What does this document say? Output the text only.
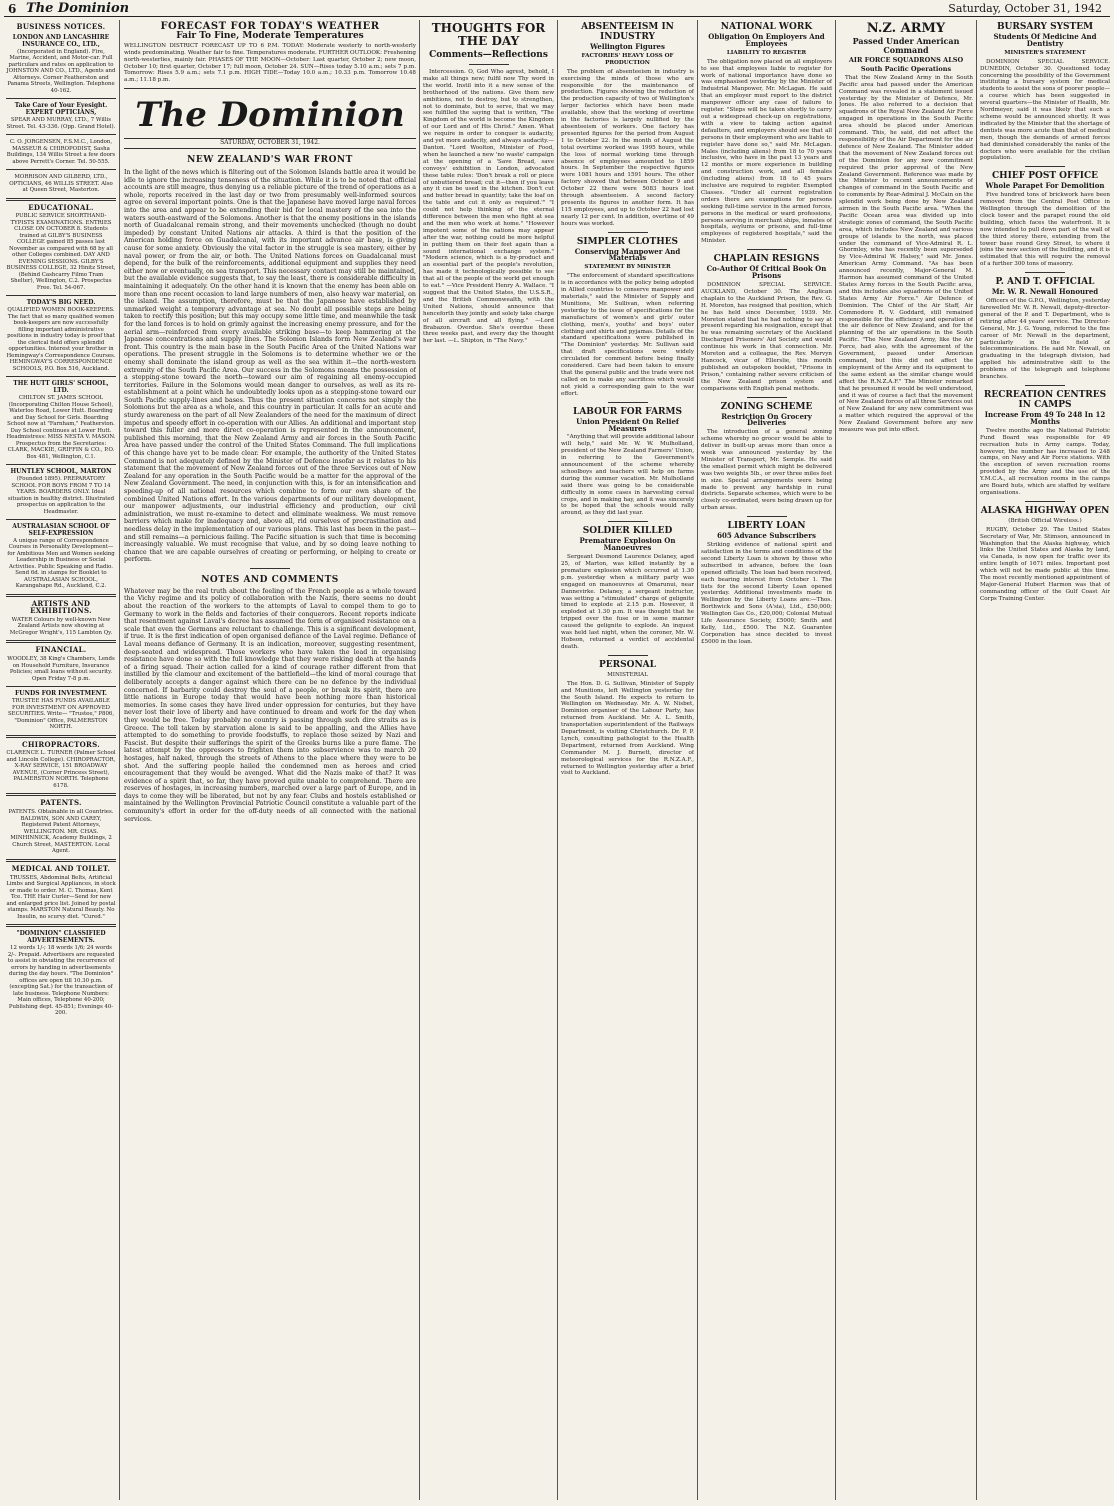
6 The Dominion	Saturday, October 31, 1942
BUSINESS NOTICES.
LONDON AND LANCASHIRE INSURANCE CO., LTD.,
(Incorporated in England). Fire, Marine, Accident, and Motor-car. Full particulars and rates on application to JOHNSTON AND CO., LTD., Agents and Attorneys. Corner Featherston and Panama Streets, Wellington. Telephone 40-162.
Take Care of Your Eyesight. EXPERT OPTICIANS,
SPEAR AND MURRAY, LTD., 7 Willis Street. Tel. 43-336. (Opp. Grand Hotel).
C. O. JORGENSEN, F.S.M.C., London, MASSEUR & CHIROPODIST, Sasha Buildings, 134 Willis Street a few doors above Perrett's Corner. Tel. 50-555.
MORRISON AND GILBERD, LTD., OPTICIANS, 46 WILLIS STREET. Also at Queen Street, Masterton.
EDUCATIONAL.
PUBLIC SERVICE SHORTHAND-TYPISTS EXAMINATIONS. ENTRIES CLOSE ON OCTOBER 8. Students trained at GILBY'S BUSINESS COLLEGE gained 85 passes last November as compared with 68 by all other Colleges combined. DAY AND EVENING SESSIONS. GILBY'S BUSINESS COLLEGE, 32 Hinitz Street, (Behind Cashcarry Filmo Tram Shelter), Wellington, C.2. Prospectus Free. Tel. 54-067.
TODAY'S BIG NEED.
QUALIFIED WOMEN BOOK-KEEPERS. The fact that so many qualified women book-keepers are now successfully filling important administrative positions in industry today is proof that the clerical field offers splendid opportunities. Interest your brother in Hemingway's Correspondence Courses. HEMINGWAY'S CORRESPONDENCE SCHOOLS, P.O. Box 516, Auckland.
THE HUTT GIRLS' SCHOOL, LTD.
CHILTON ST. JAMES SCHOOL (Incorporating Chilton House School), Waterloo Road, Lower Hutt. Boarding and Day School for Girls. Boarding School now at "Farnham," Featherston. Day School continues at Lower Hutt. Headmistress: MISS NESTA V. MASON. Prospectus from the Secretaries: CLARK, MACKIE, GRIFFIN & CO., P.O. Box 481, Wellington, C.1.
HUNTLEY SCHOOL, MARTON
(Founded 1895). PREPARATORY SCHOOL FOR BOYS FROM 7 TO 14 YEARS. BOARDERS ONLY. Ideal situation in healthy district. Illustrated prospectus on application to the Headmaster.
AUSTRALASIAN SCHOOL OF SELF-EXPRESSION
A unique range of Correspondence Courses in Personality Development—for Ambitious Men and Women seeking Leadership in Business or Social Activities. Public Speaking and Radio. Send 6d. in stamps for Booklet to AUSTRALASIAN SCHOOL, Karangahape Rd., Auckland, C.2.
ARTISTS AND EXHIBITIONS.
WATER Colours by well-known New Zealand Artists now showing at McGregor Wright's, 115 Lambton Qy.
FINANCIAL.
WOODLEY, 38 King's Chambers, Lends on Household Furniture, Insurance Policies; small loans without security. Open Friday 7-8 p.m.
FUNDS FOR INVESTMENT.
TRUSTEE HAS FUNDS AVAILABLE FOR INVESTMENT ON APPROVED SECURITIES. Write— "Trustee," P806, "Dominion" Office, PALMERSTON NORTH.
CHIROPRACTORS.
CLARENCE L. TURNER (Palmer School and Lincoln College). CHIROPRACTOR, X-RAY SERVICE, 151 BROADWAY AVENUE, (Corner Princess Street), PALMERSTON NORTH. Telephone 6178.
PATENTS.
PATENTS. Obtainable in all Countries. BALDWIN, SON AND CAREY, Registered Patent Attorneys, WELLINGTON. MR. CHAS. MINHINNICK, Academy Buildings, 2 Church Street, MASTERTON. Local Agent.
MEDICAL AND TOILET.
TRUSSES, Abdominal Belts, Artificial Limbs and Surgical Appliances, in stock or made to order. M. C. Thomas, Kent Tce. THE Hair Curler—Send for new and enlarged price list. Joined by postal stamps. MARSTON Natural Beauty. No Insulin, no scurvy diet. "Cured."
"DOMINION" CLASSIFIED ADVERTISEMENTS.
12 words 1/-; 18 words 1/6; 24 words 2/-. Prepaid. Advertisers are requested to assist in obviating the recurrence of errors by handing in advertisements during the day hours. "The Dominion" offices are open till 10.30 p.m. (excepting Sat.) for the transaction of late business. Telephone Numbers: Main offices, Telephone 40-200; Publishing dept. 45-851; Evenings 40-200.
FORECAST FOR TODAY'S WEATHER
Fair To Fine, Moderate Temperatures
WELLINGTON DISTRICT FORECAST UP TO 6 P.M. TODAY: Moderate westerly to north-westerly winds predominating. Weather fair to fine. Temperatures moderate. FURTHER OUTLOOK: Freshening north-westerlies, mainly fair. PHASES OF THE MOON—October: Last quarter, October 2; new moon, October 10; first quarter, October 17; full moon, October 24. SUN—Rises today 5.10 a.m.; sets 7 p.m. Tomorrow: Rises 5.9 a.m.; sets 7.1 p.m. HIGH TIDE—Today 10.0 a.m.; 10.33 p.m. Tomorrow 10.48 a.m.; 11.18 p.m.
The Dominion
SATURDAY, OCTOBER 31, 1942.
NEW ZEALAND'S WAR FRONT
In the light of the news which is filtering out of the Solomon Islands battle area it would be idle to ignore the increasing tenseness of the situation. While it is to be noted that official accounts are still meagre, thus denying us a reliable picture of the trend of operations as a whole, reports received in the last day or two from presumably well-informed sources agree on several important points. One is that the Japanese have moved large naval forces into the area and appear to be extending their bid for local mastery of the sea into the waters south-eastward of the Solomons. Another is that the enemy positions in the islands north of Guadalcanal remain strong, and their movements unchecked (though no doubt impeded) by constant United Nations air attacks. A third is that the position of the American holding force on Guadalcanal, with its important advance air base, is giving cause for some anxiety. Obviously the vital factor in the struggle is sea mastery, either by naval power, or from the air, or both. The United Nations forces on Guadalcanal must depend, for the bulk of the reinforcements, additional equipment and supplies they need either now or eventually, on sea transport. This necessary contact may still be maintained, but the available evidence suggests that, to say the least, there is considerable difficulty in maintaining it adequately. On the other hand it is known that the enemy has been able on more than one recent occasion to land large numbers of men, also heavy war material, on the island. The assumption, therefore, must be that the Japanese have established by unmarked weight a temporary advantage at sea. No doubt all possible steps are being taken to rectify this position; but this may occupy some little time, and meanwhile the task for the land forces is to hold on grimly against the increasing enemy pressure, and for the aerial arm—reinforced from every available striking base—to keep hammering at the Japanese concentrations and supply lines. The Solomon Islands form New Zealand's war front. This country is the main base in the South Pacific Area of the United Nations war operations. The present struggle in the Solomons is to determine whether we or the enemy shall dominate the island group as well as the sea within it—the north-western extremity of the South Pacific Area. Our success in the Solomons means the possession of a stepping-stone toward the north—toward our aim of regaining all enemy-occupied territories. Failure in the Solomons would mean danger to ourselves, as well as its re-establishment at a point which he undoubtedly looks upon as a stepping-stone toward our South Pacific supply-lines and bases. Thus the present situation concerns not simply the Solomons but the area as a whole, and this country in particular. It calls for an acute and sturdy awareness on the part of all New Zealanders of the need for the maximum of direct impetus and speedy effort in co-operation with our Allies. An additional and important step toward this fuller and more direct co-operation is represented in the announcement, published this morning, that the New Zealand Army and air forces in the South Pacific Area have passed under the control of the United States Command. The full implications of this change have yet to be made clear. For example, the authority of the United States Command is not adequately defined by the Minister of Defence insofar as it relates to his statement that the movement of New Zealand forces out of the three Services out of New Zealand for any operation in the South Pacific would be a matter for the approval of the New Zealand Government. The need, in conjunction with this, is for an intensification and speeding-up of all national resources which combine to form our own share of the combined United Nations effort. In the various departments of our military development, our manpower adjustments, our industrial efficiency and production, our civil administration, we must re-examine to detect and eliminate weakness. We must remove barriers which make for inadequacy and, above all, rid ourselves of procrastination and needless delay in the implementation of our various plans. This last has been in the past—and still remains—a pernicious failing. The Pacific situation is such that time is becoming increasingly valuable. We must recognise that value, and by so doing leave nothing to chance that we are capable ourselves of creating or performing, or helping to create or perform.
NOTES AND COMMENTS
Whatever may be the real truth about the feeling of the French people as a whole toward the Vichy regime and its policy of collaboration with the Nazis, there seems no doubt about the reaction of the workers to the attempts of Laval to compel them to go to Germany to work in the fields and factories of their conquerors. Recent reports indicate that resentment against Laval's decree has assumed the form of organised resistance on a scale that even the Germans are reluctant to challenge. This is a significant development, if true. It is the first indication of open organised defiance of the Laval regime. Defiance of Laval means defiance of Germany. It is an indication, moreover, suggesting resentment, deep-seated and widespread. Those workers who have taken the lead in organising resistance have done so with the full knowledge that they were risking death at the hands of a firing squad. Their action called for a kind of courage rather different from that instilled by the clamour and excitement of the battlefield—the kind of moral courage that deliberately accepts a danger against which there can be no defence by the individual concerned. If barbarity could destroy the soul of a people, or break its spirit, there are little nations in Europe today that would have been nothing more than historical memories. In some cases they have lived under oppression for centuries, but they have never lost their love of liberty and have continued to dream and work for the day when they would be free. Today probably no country is passing through such dire straits as is Greece. The toll taken by starvation alone is said to be appalling, and the Allies have attempted to do something to provide foodstuffs, to replace those seized by Nazi and Fascist. But despite their sufferings the spirit of the Greeks burns like a pure flame. The latest attempt by the oppressors to frighten them into subservience was to march 20 hostages, half naked, through the streets of Athens to the place where they were to be shot. And the suffering people hailed the condemned men as heroes and cried encouragement that they would be avenged. What did the Nazis make of that? It was evidence of a spirit that, so far, they have proved quite unable to comprehend. There are reserves of hostages, in increasing numbers, marched over a large part of Europe, and in days to come they will be liberated, but not by any fear. Clubs and hostels established or maintained by the Wellington Provincial Patriotic Council constitute a valuable part of the community's effort in order for the off-duty needs of all connected with the national services.
THOUGHTS FOR THE DAY
Comments—Reflections

Intercession. O, God Who agrest, behold, I make all things new; fulfil now Thy word in the world. Instil into it a new sense of the brotherhood of the nations. Give them new ambitions, not to destroy, but to strengthen, not to dominate, but to serve, that we may see fulfilled the saying that is written, "The Kingdom of the world is become the Kingdom of our Lord and of His Christ." Amen. What we require in order to conquer is audacity, and yet more audacity, and always audacity.—Danton. "Lord Woolton, Minister of Food, when he launched a new 'no waste' campaign at the opening of a 'Save Bread, save convoys' exhibition in London, advocated these table rules: 'Don't break a roll or piece of unbuttered bread; cut it—then if you leave any it can be used in the kitchen. Don't cut and butter bread in quantity; take the loaf on the table and cut it only as required.'" "I could not help thinking of the eternal difference between the men who fight at sea and the men who work at home." "However impotent some of the nations may appear after the war, nothing could be more helpful in putting them on their feet again than a sound international exchange system." "Modern science, which is a by-product and an essential part of the people's revolution, has made it technologically possible to see that all of the people of the world get enough to eat." —Vice President Henry A. Wallace. "I suggest that the United States, the U.S.S.R., and the British Commonwealth, with the United Nations, should announce that henceforth they jointly and solely take charge of all aircraft and all flying." —Lord Brabazon. Overdue. She's overdue these three weeks past, and every day the thought her last. —L. Shipton, in "The Navy."

ABSENTEEISM IN INDUSTRY
Wellington Figures
FACTORIES' HEAVY LOSS OF PRODUCTION

The problem of absenteeism in industry is exercising the minds of those who are responsible for the maintenance of production. Figures showing the reduction of the production capacity of two of Wellington's larger factories which have been made available, show that the working of overtime in the factories is largely nullified by the absenteeism of workers. One factory has presented figures for the period from August 1 to October 22. In the month of August the total overtime worked was 1995 hours, while the loss of normal working time through absence of employees amounted to 1859 hours. In September the respective figures were 1081 hours and 1591 hours. The other factory showed that between October 9 and October 22 there were 5083 hours lost through absenteeism. A second factory presents its figures in another form. It has 115 employees, and up to October 22 had lost nearly 12 per cent. In addition, overtime of 49 hours was worked.

SIMPLER CLOTHES
Conserving Manpower And Materials
STATEMENT BY MINISTER

"The enforcement of standard specifications is in accordance with the policy being adopted in Allied countries to conserve manpower and materials," said the Minister of Supply and Munitions, Mr. Sullivan, when referring yesterday to the issue of specifications for the manufacture of women's and girls' outer clothing, men's, youths' and boys' outer clothing and shirts and pyjamas. Details of the standard specifications were published in "The Dominion" yesterday. Mr. Sullivan said that draft specifications were widely circulated for comment before being finally considered. Care had been taken to ensure that the general public and the trade were not called on to make any sacrifices which would not yield a corresponding gain to the war effort.

LABOUR FOR FARMS
Union President On Relief Measures

"Anything that will provide additional labour will help," said Mr. W. W. Mulholland, president of the New Zealand Farmers' Union, in referring to the Government's announcement of the scheme whereby schoolboys and teachers will help on farms during the summer vacation. Mr. Mulholland said there was going to be considerable difficulty in some cases in harvesting cereal crops, and in making hay, and it was sincerely to be hoped that the schools would rally around, as they did last year.

SOLDIER KILLED
Premature Explosion On Manoeuvres

Sergeant Desmond Laurence Delaney, aged 25, of Marton, was killed instantly by a premature explosion which occurred at 1.30 p.m. yesterday when a military party was engaged on manoeuvres at Omarunui, near Dannevirke. Delaney, a sergeant instructor, was setting a "stimulated" charge of gelignite timed to explode at 2.15 p.m. However, it exploded at 1.30 p.m. It was thought that he tripped over the fuse or in some manner caused the gelignite to explode. An inquest was held last night, when the coroner, Mr. W. Hobson, returned a verdict of accidental death.

PERSONAL
MINISTERIAL

The Hon. D. G. Sullivan, Minister of Supply and Munitions, left Wellington yesterday for the South Island. He expects to return to Wellington on Wednesday. Mr. A. W. Nisbet, Dominion organiser of the Labour Party, has returned from Auckland. Mr. A. L. Smith, transportation superintendent of the Railways Department, is visiting Christchurch. Dr. P. P. Lynch, consulting pathologist to the Health Department, returned from Auckland. Wing Commander M. J. Burnett, director of meteorological services for the R.N.Z.A.F., returned to Wellington yesterday after a brief visit to Auckland.

NATIONAL WORK
Obligation On Employers And Employees
LIABILITY TO REGISTER

The obligation now placed on all employers to see that employees liable to register for work of national importance have done so was emphasised yesterday by the Minister of Industrial Manpower, Mr. McLagan. He said that an employer must report to the district manpower officer any case of failure to register. "Steps will be taken shortly to carry out a widespread check-up on registrations, with a view to taking action against defaulters, and employers should see that all persons in their employment who are liable to register have done so," said Mr. McLagan. Males (including aliens) from 18 to 70 years inclusive, who have in the past 13 years and 12 months or more experience in building and construction work, and all females (including aliens) from 18 to 45 years inclusive are required to register. Exempted Classes. "Under all current registration orders there are exemptions for persons seeking full-time service in the armed forces, persons in the medical or ward professions, persons serving in merchant ships, inmates of hospitals, asylums or prisons, and full-time employees of registered hospitals," said the Minister.

CHAPLAIN RESIGNS
Co-Author Of Critical Book On Prisons

DOMINION SPECIAL SERVICE. AUCKLAND, October 30. The Anglican chaplain to the Auckland Prison, the Rev. G. H. Moreton, has resigned that position, which he has held since December, 1939. Mr. Moreton stated that he had nothing to say at present regarding his resignation, except that he was remaining secretary of the Auckland Discharged Prisoners' Aid Society and would continue his work in that connection. Mr. Moreton and a colleague, the Rev. Mervyn Hancock, vicar of Ellerslie, this month published an outspoken booklet, "Prisons in Prison," containing rather severe criticism of the New Zealand prison system and comparisons with English penal methods.

ZONING SCHEME
Restriction On Grocery Deliveries

The introduction of a general zoning scheme whereby no grocer would be able to deliver in built-up areas more than once a week was announced yesterday by the Minister of Transport, Mr. Semple. He said the smallest permit which might be delivered was two weights 5lb., or over three miles feet in size. Special arrangements were being made to prevent any hardship in rural districts. Separate schemes, which were to be closely co-ordinated, were being drawn up for urban areas.

LIBERTY LOAN
605 Advance Subscribers

Striking evidence of national spirit and satisfaction in the terms and conditions of the second Liberty Loan is shown by those who subscribed in advance, before the loan opened officially. The loan had been received, each bearing interest from October 1. The lists for the second Liberty Loan opened yesterday. Additional investments made in Wellington by the Liberty Loans are:—Thos. Borthwick and Sons (A'sia), Ltd., £50,000; Wellington Gas Co., £20,000; Colonial Mutual Life Assurance Society, £5000; Smith and Kelly, Ltd., £500. The N.Z. Guarantee Corporation has since decided to invest £5000 in the loan.

N.Z. ARMY
Passed Under American Command
AIR FORCE SQUADRONS ALSO
South Pacific Operations

That the New Zealand Army in the South Pacific area had passed under the American Command was revealed in a statement issued yesterday by the Minister of Defence, Mr. Jones. He also referred to a decision that squadrons of the Royal New Zealand Air Force engaged in operations in the South Pacific area should be placed under American command. This, he said, did not affect the responsibility of the Air Department for the air defence of New Zealand. The Minister added that the movement of New Zealand forces out of the Dominion for any new commitment required the prior approval of the New Zealand Government. Reference was made by the Minister to recent announcements of changes of command in the South Pacific and to comments by Rear-Admiral J. McCain on the splendid work being done by New Zealand airmen in the South Pacific area. "When the Pacific Ocean area was divided up into strategic zones of command, the South Pacific area, which includes New Zealand and various groups of islands to the north, was placed under the command of Vice-Admiral R. L. Ghormley, who has recently been superseded by Vice-Admiral W. Halsey," said Mr. Jones. American Army Command. "As has been announced recently, Major-General M. Harmon has assumed command of the United States Army forces in the South Pacific area, and this includes also squadrons of the United States Army Air Force." Air Defence of Dominion. The Chief of the Air Staff, Air Commodore R. V. Goddard, still remained responsible for the efficiency and operation of the air defence of New Zealand, and for the planning of the air operations in the South Pacific. "The New Zealand Army, like the Air Force, had also, with the agreement of the Government, passed under American command, but this did not affect the employment of the Army and its equipment to the same extent as the similar change would affect the R.N.Z.A.F." The Minister remarked that he presumed it would be well understood, and it was of course a fact that the movement of New Zealand forces of all three Services out of New Zealand for any new commitment was a matter which required the approval of the New Zealand Government before any new measure was put into effect.

BURSARY SYSTEM
Students Of Medicine And Dentistry
MINISTER'S STATEMENT

DOMINION SPECIAL SERVICE. DUNEDIN, October 30. Questioned today concerning the possibility of the Government instituting a bursary system for medical students to assist the sons of poorer people—a course which has been suggested in several quarters—the Minister of Health, Mr. Nordmeyer, said it was likely that such a scheme would be announced shortly. It was indicated by the Minister that the shortage of dentists was more acute than that of medical men, though the demands of armed forces had diminished considerably the ranks of the doctors who were available for the civilian population.

CHIEF POST OFFICE
Whole Parapet For Demolition

Five hundred tons of brickwork have been removed from the Central Post Office in Wellington through the demolition of the clock tower and the parapet round the old building, which faces the waterfront. It is now intended to pull down part of the wall of the third storey there, extending from the tower base round Grey Street, to where it joins the new section of the building, and it is estimated that this will require the removal of a further 300 tons of masonry.

P. AND T. OFFICIAL
Mr. W. R. Newall Honoured

Officers of the G.P.O., Wellington, yesterday farewelled Mr. W. R. Newall, deputy-director-general of the P. and T. Department, who is retiring after 44 years' service. The Director-General, Mr. J. G. Young, referred to the fine career of Mr. Newall in the department, particularly in the field of telecommunications. He said Mr. Newall, on graduating in the telegraph division, had applied his administrative skill to the problems of the telegraph and telephone branches.

RECREATION CENTRES IN CAMPS
Increase From 49 To 248 In 12 Months

Twelve months ago the National Patriotic Fund Board was responsible for 49 recreation huts in Army camps. Today, however, the number has increased to 248 camps, on Navy and Air Force stations. With the exception of seven recreation rooms provided by the Army and the use of the Y.M.C.A., all recreation rooms in the camps are Board huts, which are staffed by welfare organisations.

ALASKA HIGHWAY OPEN
(British Official Wireless.)

RUGBY, October 29. The United States Secretary of War, Mr. Stimson, announced in Washington that the Alaska highway, which links the United States and Alaska by land, via Canada, is now open for traffic over its entire length of 1671 miles. Important post which will not be made public at this time. The most recently mentioned appointment of Major-General Hubert Harmon was that of commanding officer of the Gulf Coast Air Corps Training Center.
